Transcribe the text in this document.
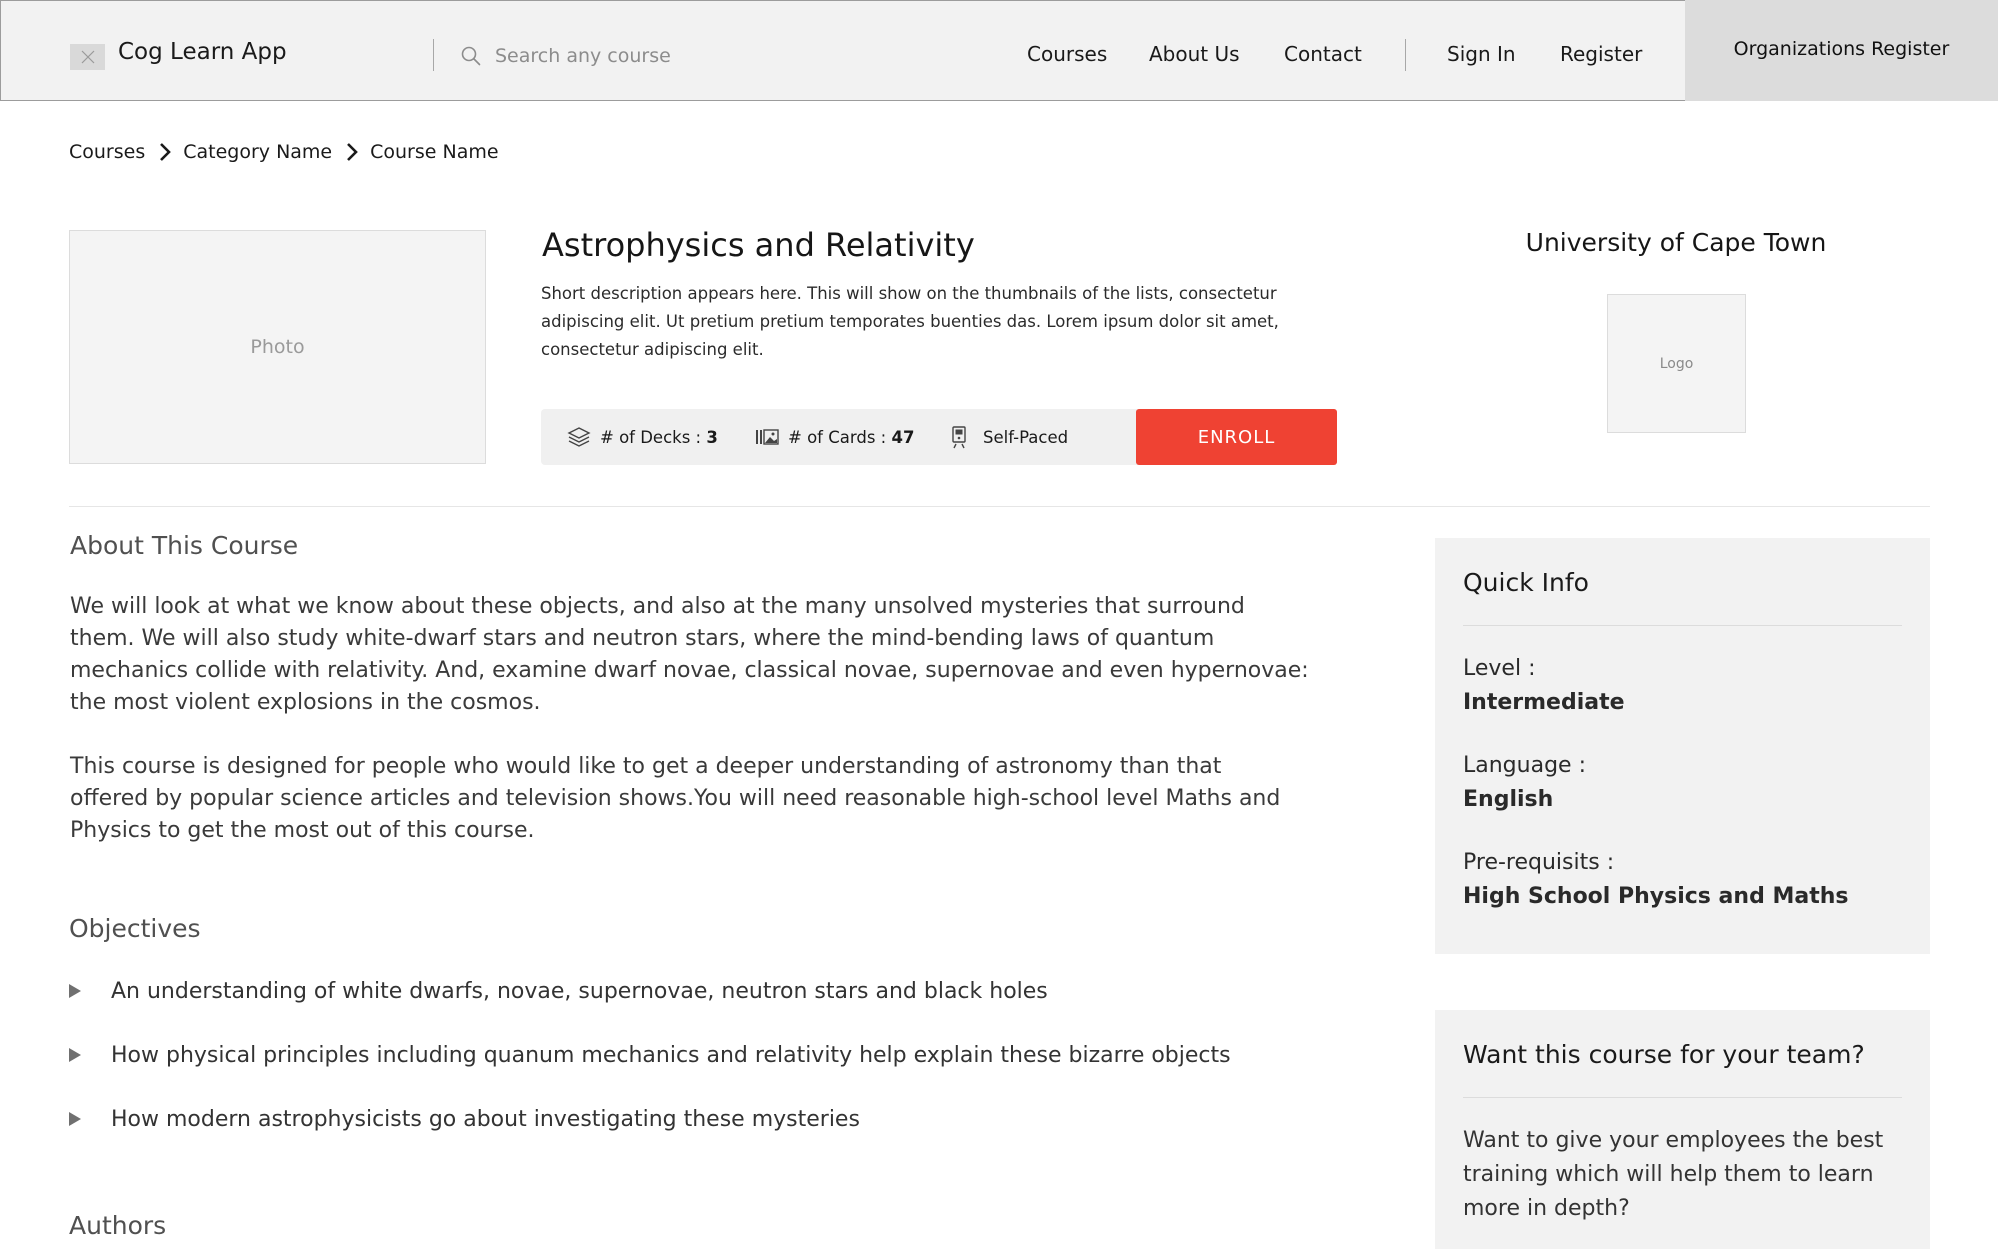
Cog Learn App	Search any course	Courses About Us Contact	Sign In Register	Organizations Register
Courses Category Name Course Name
Photo
Astrophysics and Relativity
Short description appears here. This will show on the thumbnails of the lists, consectetur adipiscing elit. Ut pretium pretium temporates buenties das. Lorem ipsum dolor sit amet, consectetur adipiscing elit.
# of Decks :
3	# of Cards :
47	Self-Paced	ENROLL
University of Cape Town
Logo
About This Course
We will look at what we know about these objects, and also at the many unsolved mysteries that surround
them. We will also study white-dwarf stars and neutron stars, where the mind-bending laws of quantum
mechanics collide with relativity. And, examine dwarf novae, classical novae, supernovae and even hypernovae:
the most violent explosions in the cosmos.
This course is designed for people who would like to get a deeper understanding of astronomy than that
offered by popular science articles and television shows.You will need reasonable high-school level Maths and
Physics to get the most out of this course.
Objectives
An understanding of white dwarfs, novae, supernovae, neutron stars and black holes
How physical principles including quanum mechanics and relativity help explain these bizarre objects
How modern astrophysicists go about investigating these mysteries
Authors
Quick Info
Level :
Intermediate
Language :
English
Pre-requisits :
High School Physics and Maths
Want this course for your team?
Want to give your employees the best
training which will help them to learn
more in depth?
